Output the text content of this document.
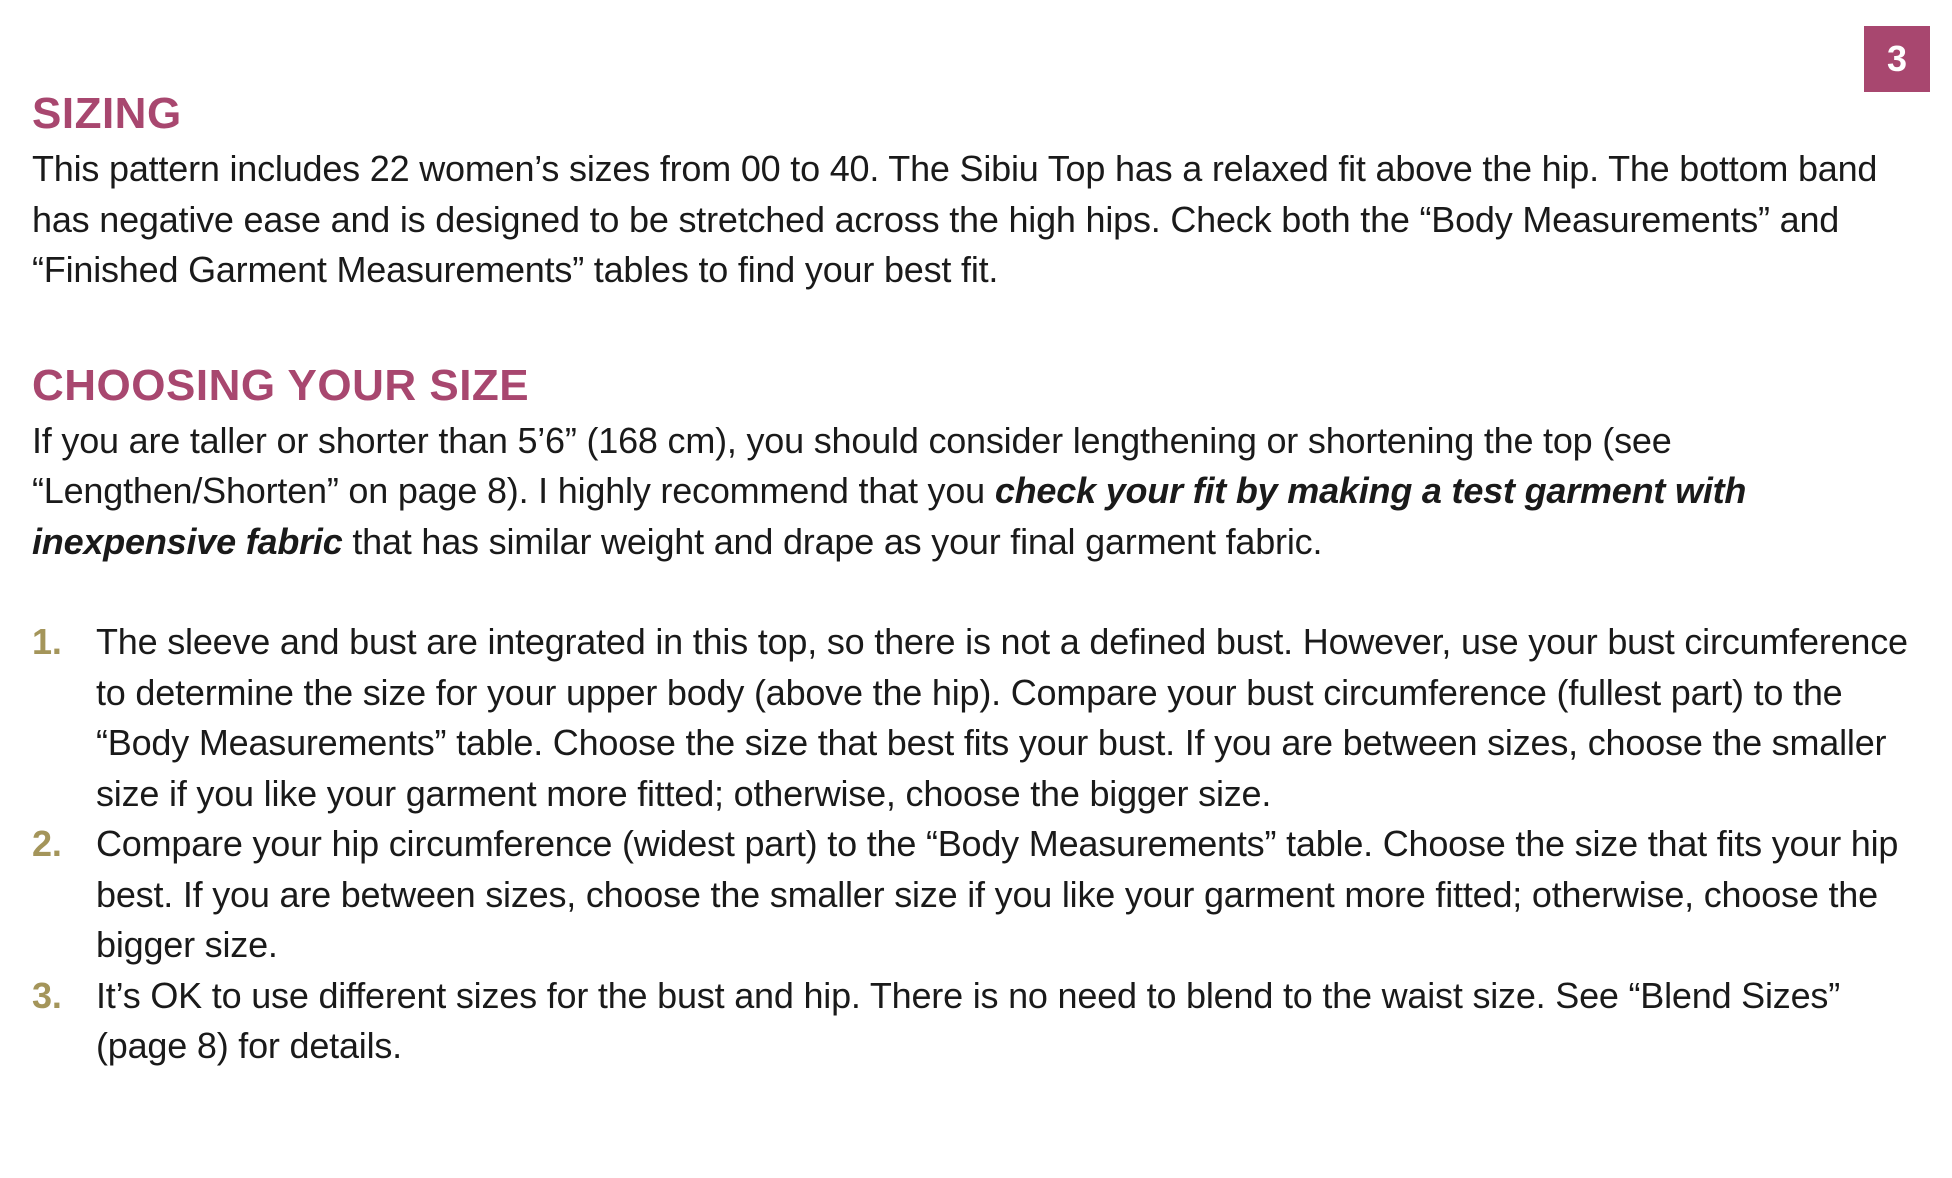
3
SIZING

This pattern includes 22 women’s sizes from 00 to 40. The Sibiu Top has a relaxed fit above the hip. The bottom band has negative ease and is designed to be stretched across the high hips. Check both the “Body Measurements” and “Finished Garment Measurements” tables to find your best fit.

CHOOSING YOUR SIZE

If you are taller or shorter than 5’6” (168 cm), you should consider lengthening or shortening the top (see “Lengthen/Shorten” on page 8). I highly recommend that you check your fit by making a test garment with inexpensive fabric that has similar weight and drape as your final garment fabric.

1. The sleeve and bust are integrated in this top, so there is not a defined bust. However, use your bust circumference to determine the size for your upper body (above the hip). Compare your bust circumference (fullest part) to the “Body Measurements” table. Choose the size that best fits your bust. If you are between sizes, choose the smaller size if you like your garment more fitted; otherwise, choose the bigger size.
2. Compare your hip circumference (widest part) to the “Body Measurements” table. Choose the size that fits your hip best. If you are between sizes, choose the smaller size if you like your garment more fitted; otherwise, choose the bigger size.
3. It’s OK to use different sizes for the bust and hip. There is no need to blend to the waist size. See “Blend Sizes” (page 8) for details.
